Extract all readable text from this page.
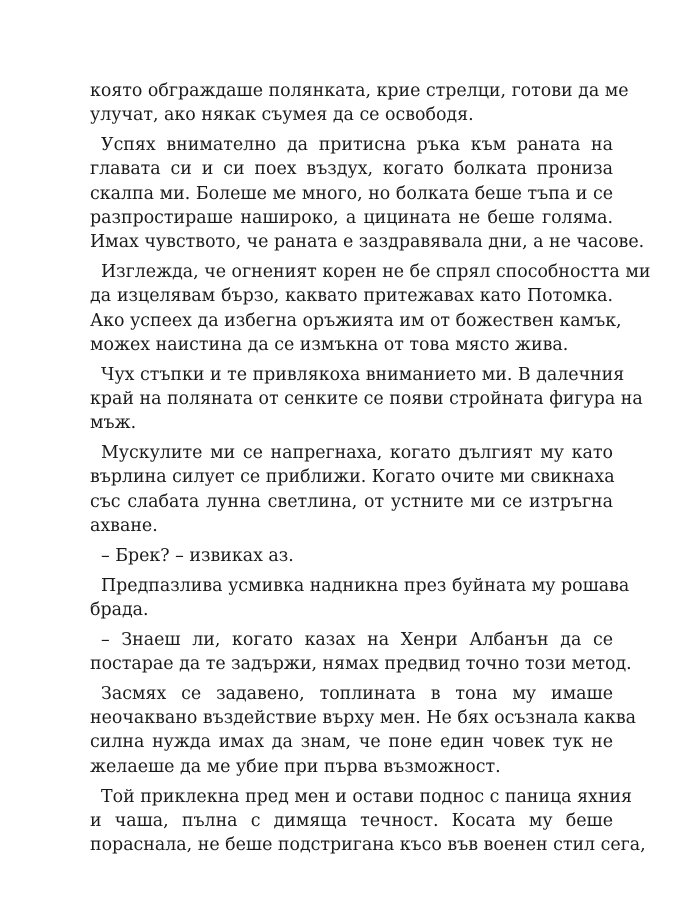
която обграждаше полянката, крие стрелци, готови да ме
улучат, ако някак съумея да се освободя.

Успях внимателно да притисна ръка към раната на
главата си и си поех въздух, когато болката прониза
скалпа ми. Болеше ме много, но болката беше тъпа и се
разпростираше нашироко, а цицината не беше голяма.
Имах чувството, че раната е заздравявала дни, а не часове.

Изглежда, че огненият корен не бе спрял способността ми
да изцелявам бързо, каквато притежавах като Потомка.
Ако успеех да избегна оръжията им от божествен камък,
можех наистина да се измъкна от това място жива.

Чух стъпки и те привлякоха вниманието ми. В далечния
край на поляната от сенките се появи стройната фигура на
мъж.

Мускулите ми се напрегнаха, когато дългият му като
върлина силует се приближи. Когато очите ми свикнаха
със слабата лунна светлина, от устните ми се изтръгна
ахване.

– Брек? – извиках аз.

Предпазлива усмивка надникна през буйната му рошава
брада.

– Знаеш ли, когато казах на Хенри Албанън да се
постарае да те задържи, нямах предвид точно този метод.

Засмях се задавено, топлината в тона му имаше
неочаквано въздействие върху мен. Не бях осъзнала каква
силна нужда имах да знам, че поне един човек тук не
желаеше да ме убие при първа възможност.

Той приклекна пред мен и остави поднос с паница яхния
и чаша, пълна с димяща течност. Косата му беше
пораснала, не беше подстригана късо във военен стил сега,
